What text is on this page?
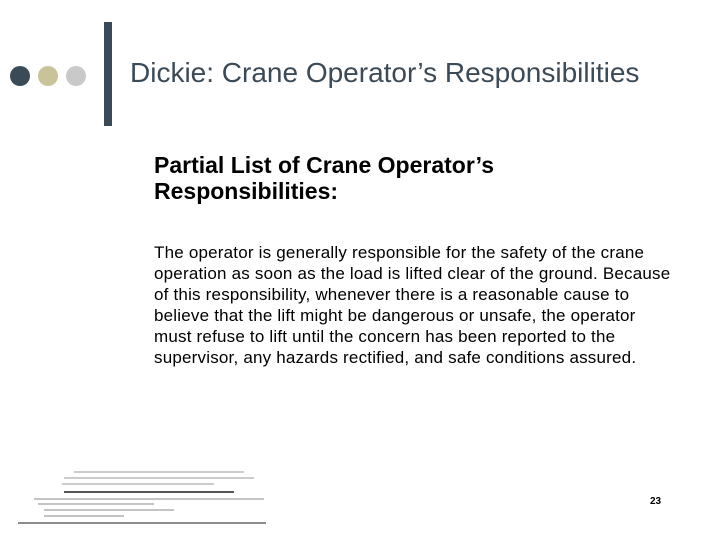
Dickie: Crane Operator’s Responsibilities
Partial List of Crane Operator’s Responsibilities:

The operator is generally responsible for the safety of the crane operation as soon as the load is lifted clear of the ground. Because of this responsibility, whenever there is a reasonable cause to believe that the lift might be dangerous or unsafe, the operator must refuse to lift until the concern has been reported to the supervisor, any hazards rectified, and safe conditions assured.

23
